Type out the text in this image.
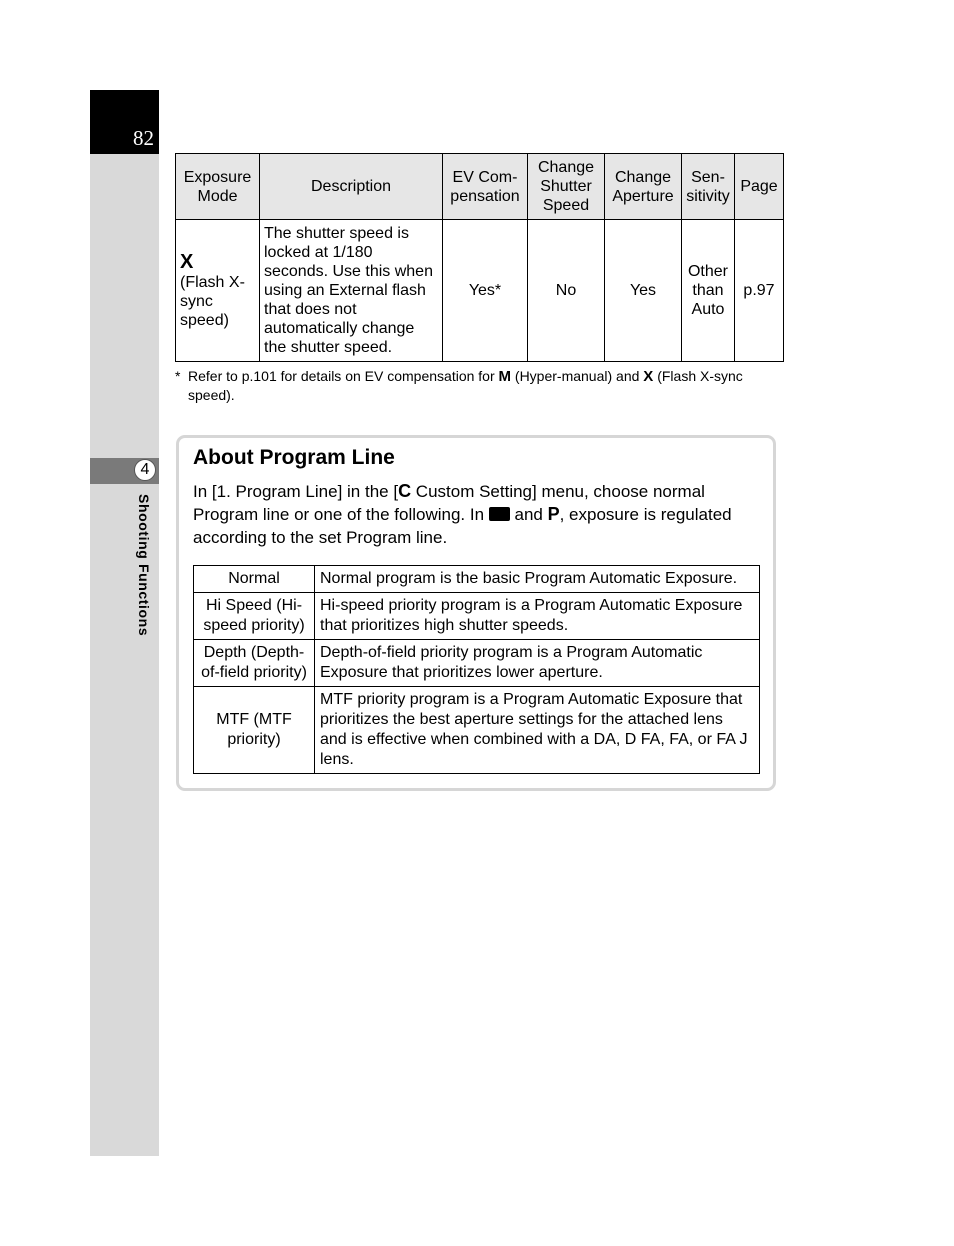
82
4
Shooting Functions
Exposure Mode	Description	EV Com-pensation	Change Shutter Speed	Change Aperture	Sen-sitivity	Page

X
(Flash X-sync speed)	The shutter speed is locked at 1/180 seconds. Use this when using an External flash that does not automatically change the shutter speed.	Yes*	No	Yes	Other than Auto	p.97
* Refer to p.101 for details on EV compensation for M (Hyper-manual) and X (Flash X-sync speed).
About Program Line
In [1. Program Line] in the [C Custom Setting] menu, choose normal Program line or one of the following. In  and P, exposure is regulated according to the set Program line.
Normal	Normal program is the basic Program Automatic Exposure.
Hi Speed (Hi-speed priority)	Hi-speed priority program is a Program Automatic Exposure that prioritizes high shutter speeds.
Depth (Depth-of-field priority)	Depth-of-field priority program is a Program Automatic Exposure that prioritizes lower aperture.
MTF (MTF priority)	MTF priority program is a Program Automatic Exposure that prioritizes the best aperture settings for the attached lens and is effective when combined with a DA, D FA, FA, or FA J lens.
